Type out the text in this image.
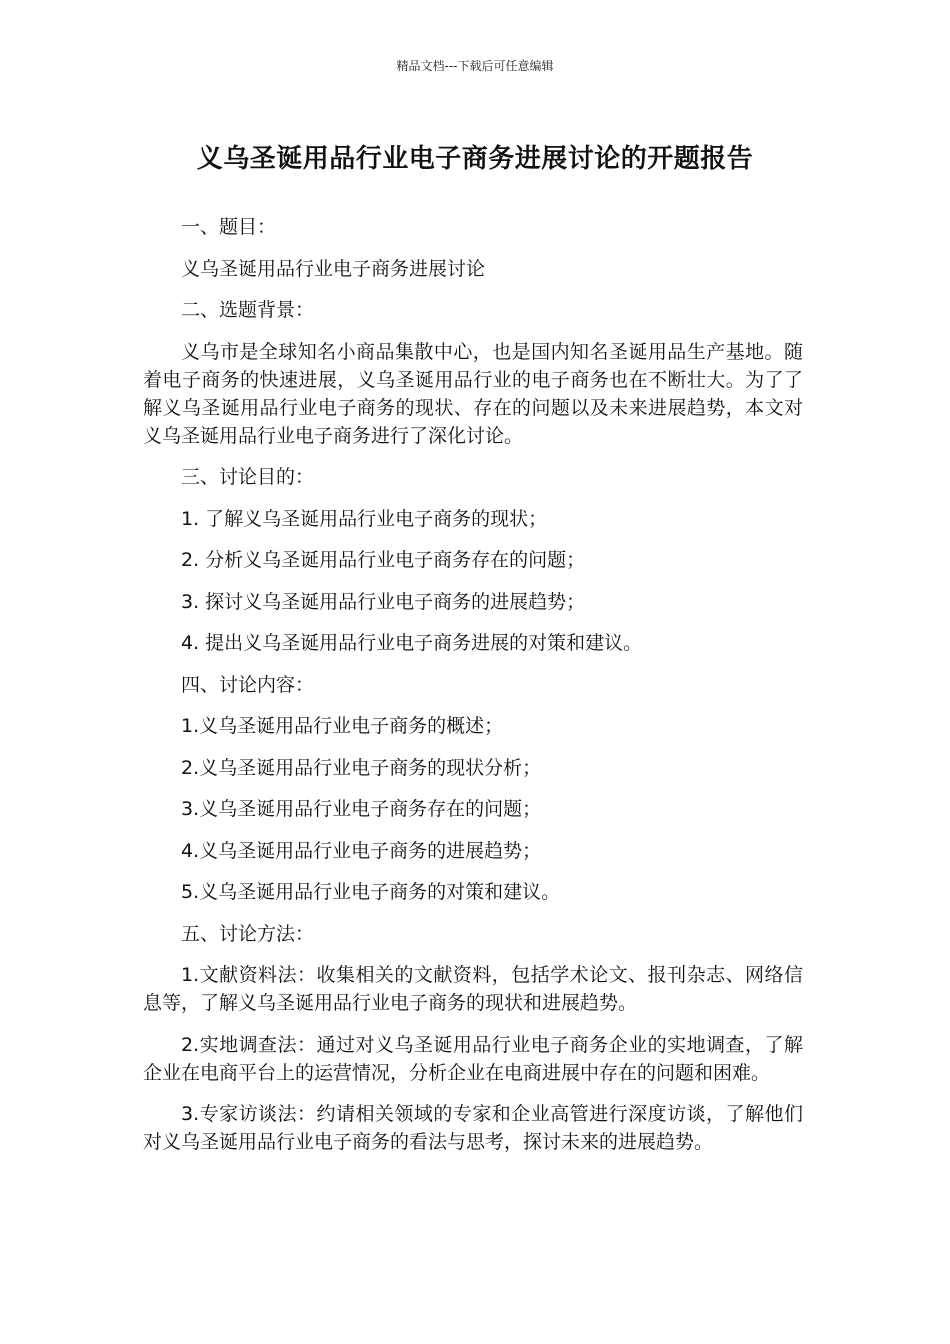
精品文档---下载后可任意编辑
义乌圣诞用品行业电子商务进展讨论的开题报告

一、题目：

义乌圣诞用品行业电子商务进展讨论

二、选题背景：

义乌市是全球知名小商品集散中心，也是国内知名圣诞用品生产基地。随着电子商务的快速进展，义乌圣诞用品行业的电子商务也在不断壮大。为了了解义乌圣诞用品行业电子商务的现状、存在的问题以及未来进展趋势，本文对义乌圣诞用品行业电子商务进行了深化讨论。

三、讨论目的：

1. 了解义乌圣诞用品行业电子商务的现状；

2. 分析义乌圣诞用品行业电子商务存在的问题；

3. 探讨义乌圣诞用品行业电子商务的进展趋势；

4. 提出义乌圣诞用品行业电子商务进展的对策和建议。

四、讨论内容：

1.义乌圣诞用品行业电子商务的概述；

2.义乌圣诞用品行业电子商务的现状分析；

3.义乌圣诞用品行业电子商务存在的问题；

4.义乌圣诞用品行业电子商务的进展趋势；

5.义乌圣诞用品行业电子商务的对策和建议。

五、讨论方法：

1.文献资料法：收集相关的文献资料，包括学术论文、报刊杂志、网络信息等，了解义乌圣诞用品行业电子商务的现状和进展趋势。

2.实地调查法：通过对义乌圣诞用品行业电子商务企业的实地调查，了解企业在电商平台上的运营情况，分析企业在电商进展中存在的问题和困难。

3.专家访谈法：约请相关领域的专家和企业高管进行深度访谈，了解他们对义乌圣诞用品行业电子商务的看法与思考，探讨未来的进展趋势。
